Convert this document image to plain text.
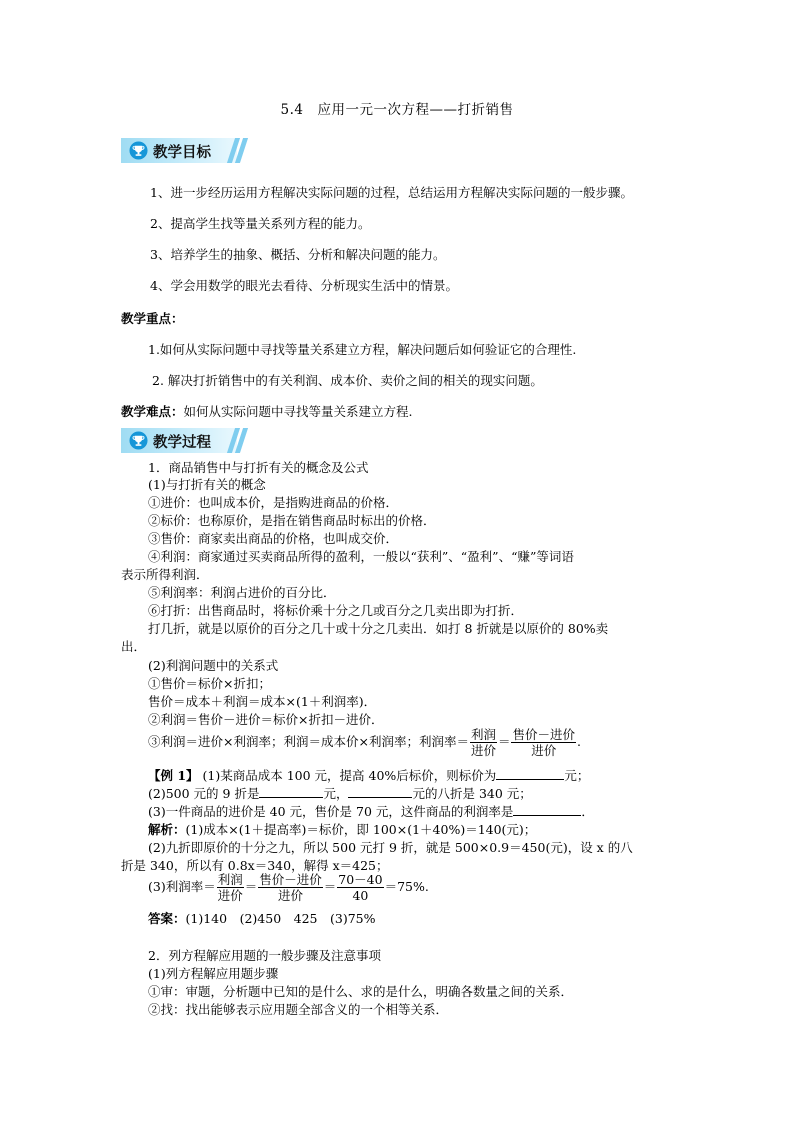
5.4　应用一元一次方程——打折销售
教学目标
1、进一步经历运用方程解决实际问题的过程，总结运用方程解决实际问题的一般步骤。
2、提高学生找等量关系列方程的能力。
3、培养学生的抽象、概括、分析和解决问题的能力。
4、学会用数学的眼光去看待、分析现实生活中的情景。
教学重点：
1.如何从实际问题中寻找等量关系建立方程，解决问题后如何验证它的合理性.
2. 解决打折销售中的有关利润、成本价、卖价之间的相关的现实问题。
教学难点：如何从实际问题中寻找等量关系建立方程.
教学过程
1．商品销售中与打折有关的概念及公式
(1)与打折有关的概念
①进价：也叫成本价，是指购进商品的价格．
②标价：也称原价，是指在销售商品时标出的价格．
③售价：商家卖出商品的价格，也叫成交价．
④利润：商家通过买卖商品所得的盈利，一般以“获利”、“盈利”、“赚”等词语
表示所得利润．
⑤利润率：利润占进价的百分比．
⑥打折：出售商品时，将标价乘十分之几或百分之几卖出即为打折．
打几折，就是以原价的百分之几十或十分之几卖出．如打 8 折就是以原价的 80%卖
出．
(2)利润问题中的关系式
①售价＝标价×折扣；
售价＝成本＋利润＝成本×(1＋利润率)．
②利润＝售价－进价＝标价×折扣－进价．
③利润＝进价×利润率；利润＝成本价×利润率；利润率＝ $\frac{\text{利润}}{\text{进价}} = \frac{\text{售价－进价}}{\text{进价}}$ .
【例 1】 (1)某商品成本 100 元，提高 40%后标价，则标价为	元；
(2)500 元的 9 折是	元，	元的八折是 340 元；
(3)一件商品的进价是 40 元，售价是 70 元，这件商品的利润率是	．
解析：(1)成本×(1＋提高率)＝标价，即 100×(1＋40%)＝140(元)；
(2)九折即原价的十分之九，所以 500 元打 9 折，就是 500×0.9＝450(元)，设 x 的八
折是 340，所以有 0.8x＝340，解得 x＝425；
(3)利润率＝ $\frac{\text{利润}}{\text{进价}} = \frac{\text{售价－进价}}{\text{进价}} = \frac{70-40}{40} =75\%$.
答案：(1)140　(2)450　425　(3)75%
2．列方程解应用题的一般步骤及注意事项
(1)列方程解应用题步骤
①审：审题，分析题中已知的是什么、求的是什么，明确各数量之间的关系．
②找：找出能够表示应用题全部含义的一个相等关系．
